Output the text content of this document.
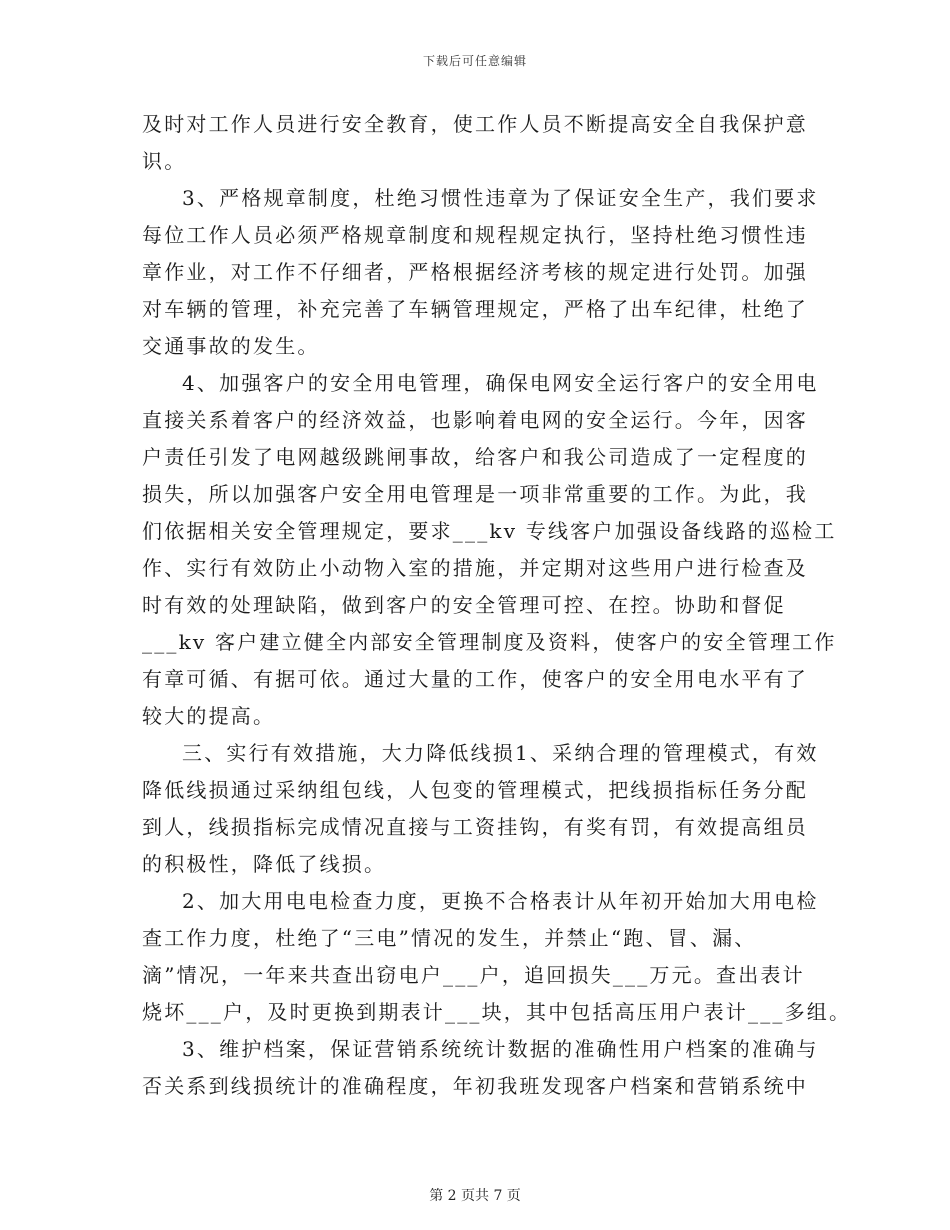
下载后可任意编辑
及时对工作人员进行安全教育，使工作人员不断提高安全自我保护意
识。
3、严格规章制度，杜绝习惯性违章为了保证安全生产，我们要求
每位工作人员必须严格规章制度和规程规定执行，坚持杜绝习惯性违
章作业，对工作不仔细者，严格根据经济考核的规定进行处罚。加强
对车辆的管理，补充完善了车辆管理规定，严格了出车纪律，杜绝了
交通事故的发生。
4、加强客户的安全用电管理，确保电网安全运行客户的安全用电
直接关系着客户的经济效益，也影响着电网的安全运行。今年，因客
户责任引发了电网越级跳闸事故，给客户和我公司造成了一定程度的
损失，所以加强客户安全用电管理是一项非常重要的工作。为此，我
们依据相关安全管理规定，要求___kv 专线客户加强设备线路的巡检工
作、实行有效防止小动物入室的措施，并定期对这些用户进行检查及
时有效的处理缺陷，做到客户的安全管理可控、在控。协助和督促
___kv 客户建立健全内部安全管理制度及资料，使客户的安全管理工作
有章可循、有据可依。通过大量的工作，使客户的安全用电水平有了
较大的提高。
三、实行有效措施，大力降低线损1、采纳合理的管理模式，有效
降低线损通过采纳组包线，人包变的管理模式，把线损指标任务分配
到人，线损指标完成情况直接与工资挂钩，有奖有罚，有效提高组员
的积极性，降低了线损。
2、加大用电电检查力度，更换不合格表计从年初开始加大用电检
查工作力度，杜绝了“三电”情况的发生，并禁止“跑、冒、漏、
滴”情况，一年来共查出窃电户___户，追回损失___万元。查出表计
烧坏___户，及时更换到期表计___块，其中包括高压用户表计___多组。
3、维护档案，保证营销系统统计数据的准确性用户档案的准确与
否关系到线损统计的准确程度，年初我班发现客户档案和营销系统中
第 2 页共 7 页
